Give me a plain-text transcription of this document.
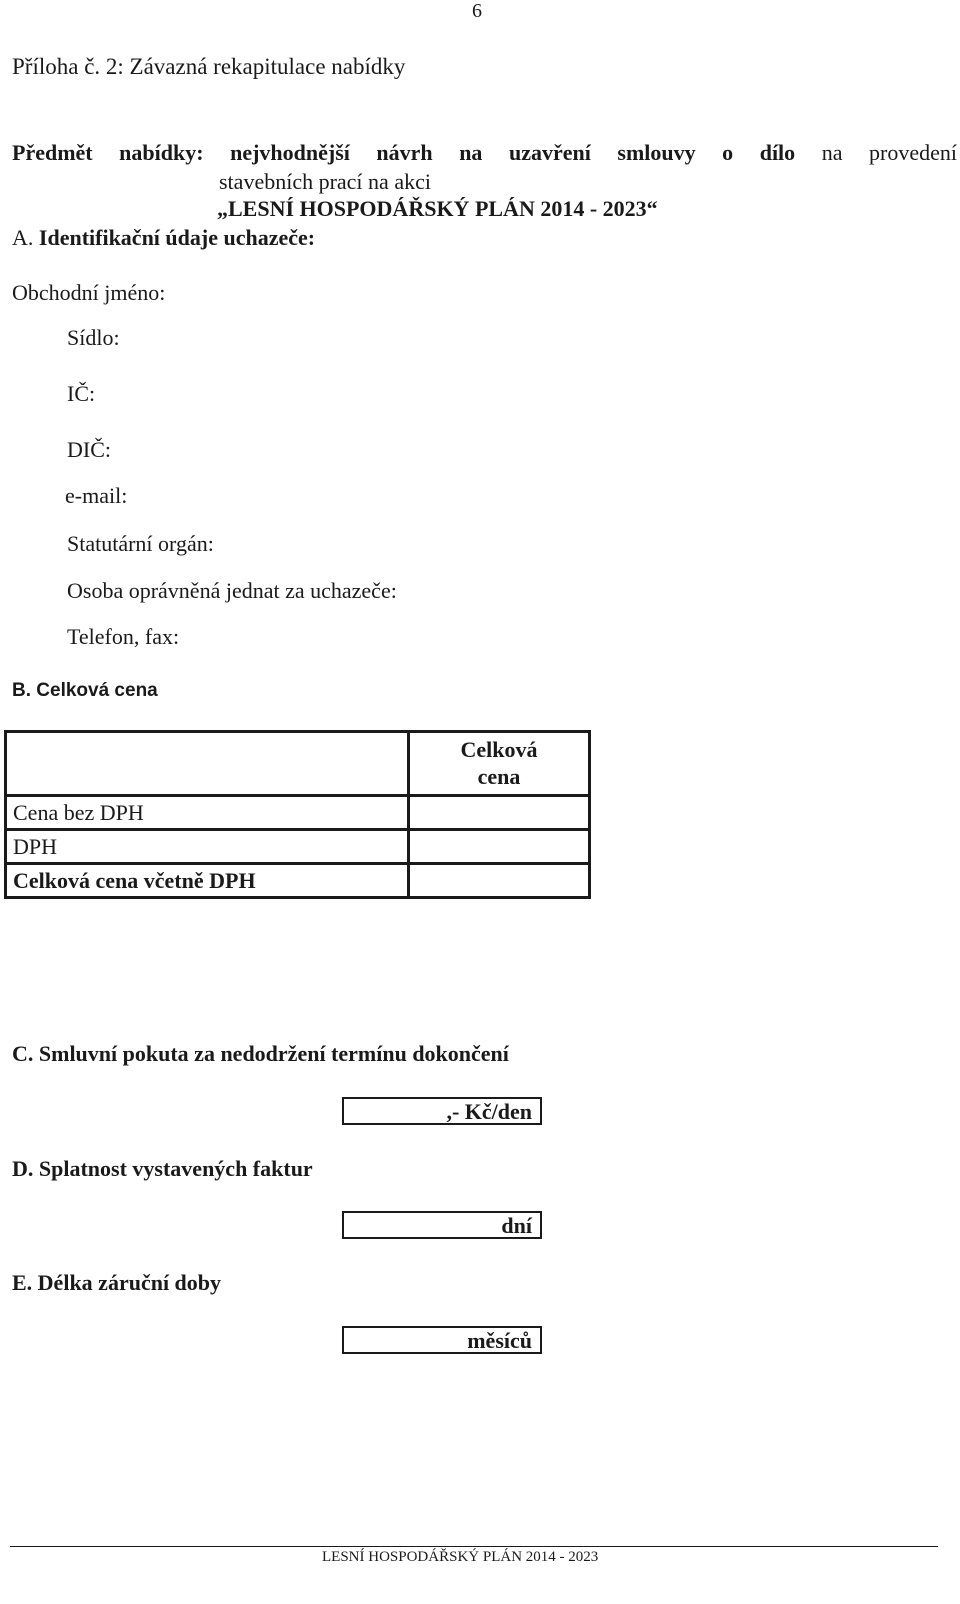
6
Příloha č. 2: Závazná rekapitulace nabídky
Předmět nabídky: nejvhodnější návrh na uzavření smlouvy o dílo na provedení
stavebních prací na akci
„LESNÍ HOSPODÁŘSKÝ PLÁN 2014 - 2023“
A. Identifikační údaje uchazeče:
Obchodní jméno:
Sídlo:
IČ:
DIČ:
e-mail:
Statutární orgán:
Osoba oprávněná jednat za uchazeče:
Telefon, fax:
B. Celková cena

	Celková
cena

Cena bez DPH	
DPH	
Celková cena včetně DPH	
C. Smluvní pokuta za nedodržení termínu dokončení
,- Kč/den
D. Splatnost vystavených faktur
dní
E. Délka záruční doby
měsíců
LESNÍ HOSPODÁŘSKÝ PLÁN 2014 - 2023
